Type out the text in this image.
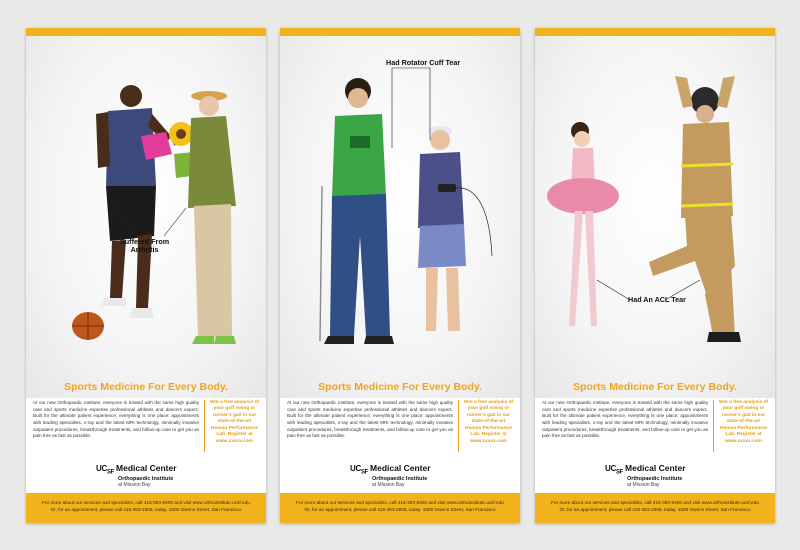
Suffered From
Arthritis
Sports Medicine For Every Body.
At our new Orthopaedic Institute, everyone is treated with the same high quality care and sports medicine expertise professional athletes and dancers expect. Built for the ultimate patient experience, everything is one place: appointments with leading specialists, x-ray and the latest MRI technology, minimally invasive outpatient procedures, breakthrough treatments, and follow-up care to get you as pain free as fast as possible.
Win a free analysis of your golf swing or runner's gait in our state-of-the-art Human Performance Lab. Register at www.xxxxx.com
$UC_{SF}$ Medical Center
Orthopaedic Institute
at Mission Bay
For more about our services and specialists, call 415-353-9400 and visit www.orthoinstitute.ucsf.edu
Or, for an appointment, please call 415-353-2808, today. 1500 Owens Street, San Francisco
Had Rotator Cuff Tear
Sports Medicine For Every Body.
At our new Orthopaedic Institute, everyone is treated with the same high quality care and sports medicine expertise professional athletes and dancers expect. Built for the ultimate patient experience, everything is one place: appointments with leading specialists, x-ray and the latest MRI technology, minimally invasive outpatient procedures, breakthrough treatments, and follow-up care to get you as pain free as fast as possible.
Win a free analysis of your golf swing or runner's gait in our state-of-the-art Human Performance Lab. Register at www.xxxxx.com
$UC_{SF}$ Medical Center
Orthopaedic Institute
at Mission Bay
For more about our services and specialists, call 415-353-9400 and visit www.orthoinstitute.ucsf.edu
Or, for an appointment, please call 415-353-2808, today. 1500 Owens Street, San Francisco
Had An ACL Tear
Sports Medicine For Every Body.
At our new Orthopaedic Institute, everyone is treated with the same high quality care and sports medicine expertise professional athletes and dancers expect. Built for the ultimate patient experience, everything is one place: appointments with leading specialists, x-ray and the latest MRI technology, minimally invasive outpatient procedures, breakthrough treatments, and follow-up care to get you as pain free as fast as possible.
Win a free analysis of your golf swing or runner's gait in our state-of-the-art Human Performance Lab. Register at www.xxxxx.com
$UC_{SF}$ Medical Center
Orthopaedic Institute
at Mission Bay
For more about our services and specialists, call 415-353-9400 and visit www.orthoinstitute.ucsf.edu
Or, for an appointment, please call 415-353-2808, today. 1500 Owens Street, San Francisco
